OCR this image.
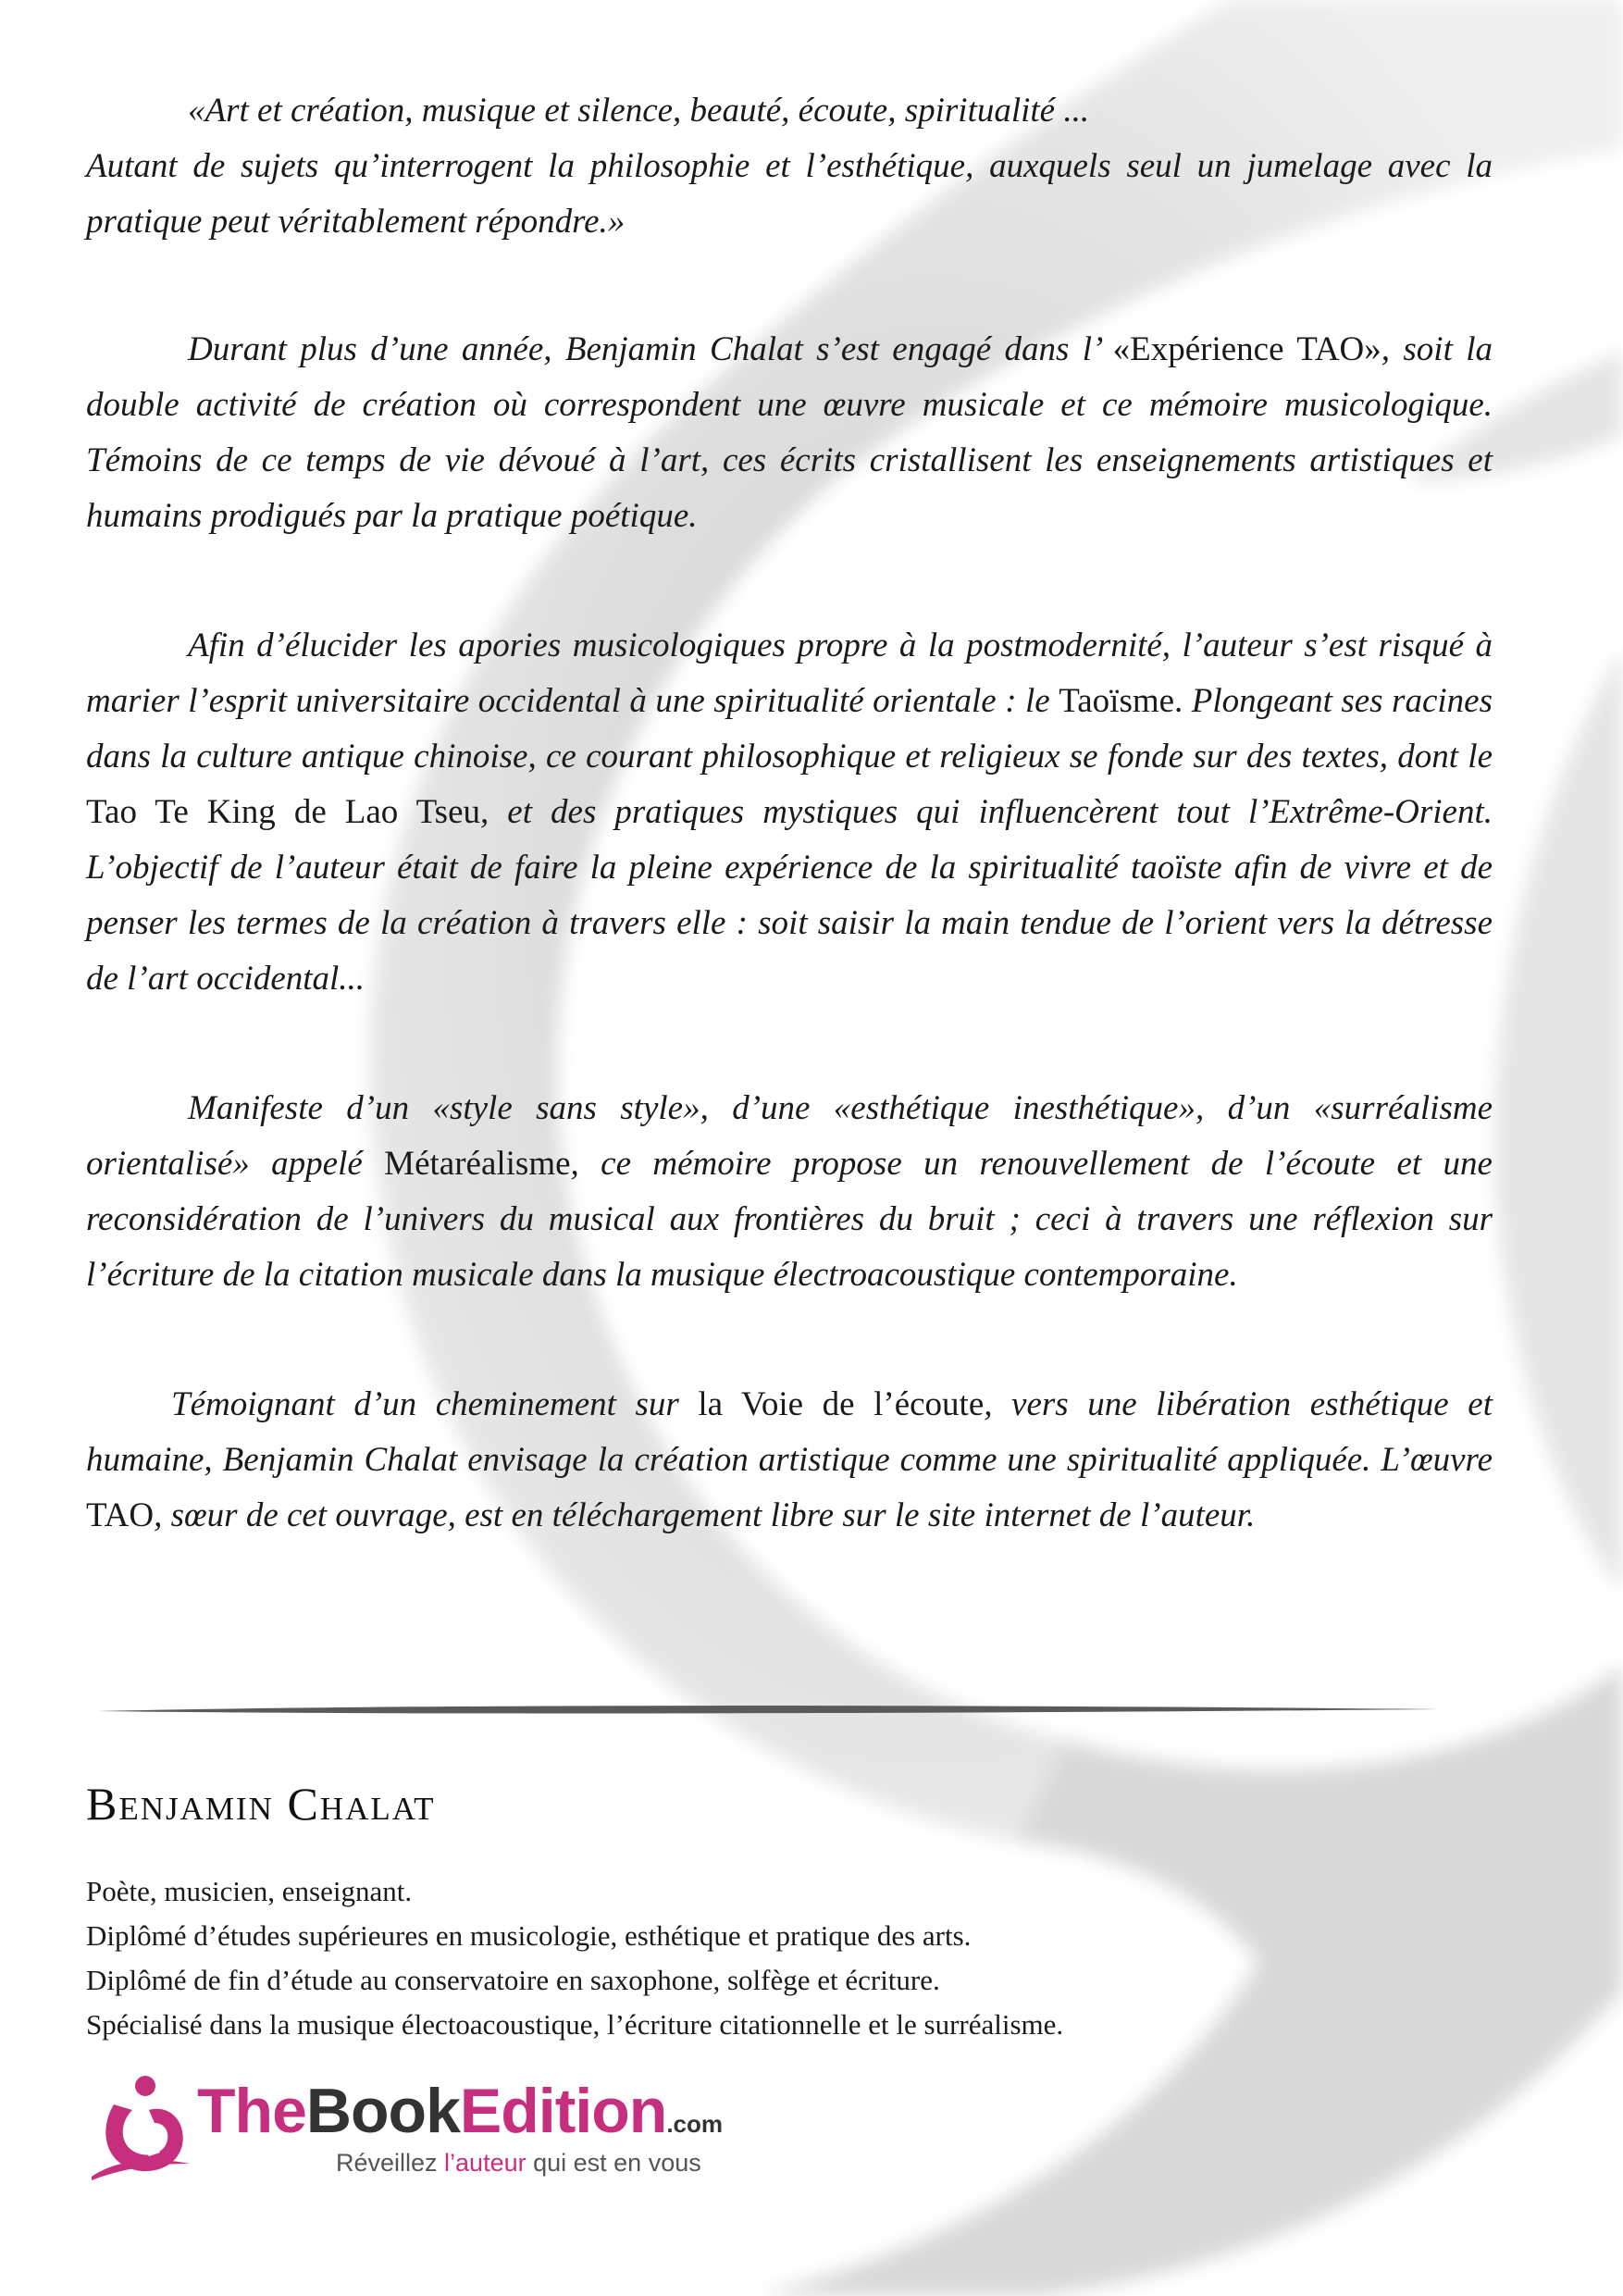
«Art et création, musique et silence, beauté, écoute, spiritualité ...
Autant de sujets qu’interrogent la philosophie et l’esthétique, auxquels seul un jumelage avec la pratique peut véritablement répondre.»

Durant plus d’une année, Benjamin Chalat s’est engagé dans l’ «Expérience TAO», soit la double activité de création où correspondent une œuvre musicale et ce mémoire musicologique. Témoins de ce temps de vie dévoué à l’art, ces écrits cristallisent les enseignements artistiques et humains prodigués par la pratique poétique.

Afin d’élucider les apories musicologiques propre à la postmodernité, l’auteur s’est risqué à marier l’esprit universitaire occidental à une spiritualité orientale : le Taoïsme. Plongeant ses racines dans la culture antique chinoise, ce courant philosophique et religieux se fonde sur des textes, dont le Tao Te King de Lao Tseu, et des pratiques mystiques qui influencèrent tout l’Extrême-Orient. L’objectif de l’auteur était de faire la pleine expérience de la spiritualité taoïste afin de vivre et de penser les termes de la création à travers elle : soit saisir la main tendue de l’orient vers la détresse de l’art occidental...

Manifeste d’un «style sans style», d’une «esthétique inesthétique», d’un «surréalisme orientalisé» appelé Métaréalisme, ce mémoire propose un renouvellement de l’écoute et une reconsidération de l’univers du musical aux frontières du bruit ; ceci à travers une réflexion sur l’écriture de la citation musicale dans la musique électroacoustique contemporaine.

Témoignant d’un cheminement sur la Voie de l’écoute, vers une libération esthétique et humaine, Benjamin Chalat envisage la création artistique comme une spiritualité appliquée. L’œuvre TAO, sœur de cet ouvrage, est en téléchargement libre sur le site internet de l’auteur.

Benjamin Chalat
Poète, musicien, enseignant.
Diplômé d’études supérieures en musicologie, esthétique et pratique des arts.
Diplômé de fin d’étude au conservatoire en saxophone, solfège et écriture.
Spécialisé dans la musique électoacoustique, l’écriture citationnelle et le surréalisme.
TheBookEdition.com
Réveillez l’auteur qui est en vous
